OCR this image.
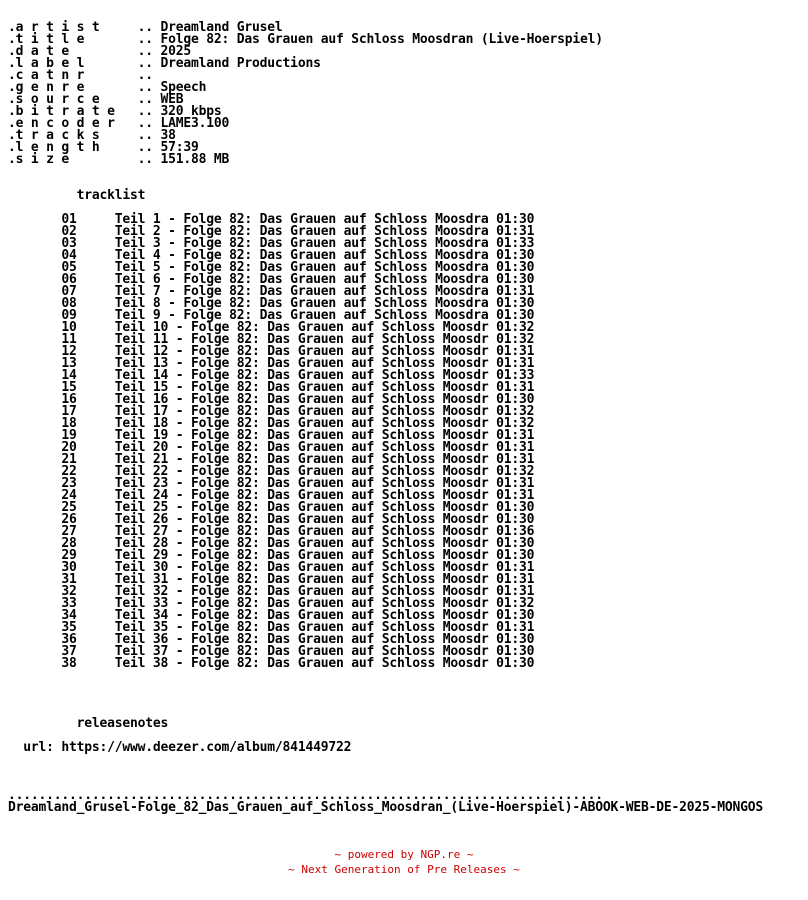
.a r t i s t     .. Dreamland Grusel
.t i t l e       .. Folge 82: Das Grauen auf Schloss Moosdran (Live-Hoerspiel)
.d a t e         .. 2025
.l a b e l       .. Dreamland Productions
.c a t n r       ..
.g e n r e       .. Speech
.s o u r c e     .. WEB
.b i t r a t e   .. 320 kbps
.e n c o d e r   .. LAME3.100
.t r a c k s     .. 38
.l e n g t h     .. 57:39
.s i z e         .. 151.88 MB
tracklist
01     Teil 1 - Folge 82: Das Grauen auf Schloss Moosdra 01:30
02     Teil 2 - Folge 82: Das Grauen auf Schloss Moosdra 01:31
03     Teil 3 - Folge 82: Das Grauen auf Schloss Moosdra 01:33
04     Teil 4 - Folge 82: Das Grauen auf Schloss Moosdra 01:30
05     Teil 5 - Folge 82: Das Grauen auf Schloss Moosdra 01:30
06     Teil 6 - Folge 82: Das Grauen auf Schloss Moosdra 01:30
07     Teil 7 - Folge 82: Das Grauen auf Schloss Moosdra 01:31
08     Teil 8 - Folge 82: Das Grauen auf Schloss Moosdra 01:30
09     Teil 9 - Folge 82: Das Grauen auf Schloss Moosdra 01:30
10     Teil 10 - Folge 82: Das Grauen auf Schloss Moosdr 01:32
11     Teil 11 - Folge 82: Das Grauen auf Schloss Moosdr 01:32
12     Teil 12 - Folge 82: Das Grauen auf Schloss Moosdr 01:31
13     Teil 13 - Folge 82: Das Grauen auf Schloss Moosdr 01:31
14     Teil 14 - Folge 82: Das Grauen auf Schloss Moosdr 01:33
15     Teil 15 - Folge 82: Das Grauen auf Schloss Moosdr 01:31
16     Teil 16 - Folge 82: Das Grauen auf Schloss Moosdr 01:30
17     Teil 17 - Folge 82: Das Grauen auf Schloss Moosdr 01:32
18     Teil 18 - Folge 82: Das Grauen auf Schloss Moosdr 01:32
19     Teil 19 - Folge 82: Das Grauen auf Schloss Moosdr 01:31
20     Teil 20 - Folge 82: Das Grauen auf Schloss Moosdr 01:31
21     Teil 21 - Folge 82: Das Grauen auf Schloss Moosdr 01:31
22     Teil 22 - Folge 82: Das Grauen auf Schloss Moosdr 01:32
23     Teil 23 - Folge 82: Das Grauen auf Schloss Moosdr 01:31
24     Teil 24 - Folge 82: Das Grauen auf Schloss Moosdr 01:31
25     Teil 25 - Folge 82: Das Grauen auf Schloss Moosdr 01:30
26     Teil 26 - Folge 82: Das Grauen auf Schloss Moosdr 01:30
27     Teil 27 - Folge 82: Das Grauen auf Schloss Moosdr 01:36
28     Teil 28 - Folge 82: Das Grauen auf Schloss Moosdr 01:30
29     Teil 29 - Folge 82: Das Grauen auf Schloss Moosdr 01:30
30     Teil 30 - Folge 82: Das Grauen auf Schloss Moosdr 01:31
31     Teil 31 - Folge 82: Das Grauen auf Schloss Moosdr 01:31
32     Teil 32 - Folge 82: Das Grauen auf Schloss Moosdr 01:31
33     Teil 33 - Folge 82: Das Grauen auf Schloss Moosdr 01:32
34     Teil 34 - Folge 82: Das Grauen auf Schloss Moosdr 01:30
35     Teil 35 - Folge 82: Das Grauen auf Schloss Moosdr 01:31
36     Teil 36 - Folge 82: Das Grauen auf Schloss Moosdr 01:30
37     Teil 37 - Folge 82: Das Grauen auf Schloss Moosdr 01:30
38     Teil 38 - Folge 82: Das Grauen auf Schloss Moosdr 01:30
releasenotes
url: https://www.deezer.com/album/841449722
..............................................................................
Dreamland_Grusel-Folge_82_Das_Grauen_auf_Schloss_Moosdran_(Live-Hoerspiel)-ABOOK-WEB-DE-2025-MONGOS
~ powered by NGP.re ~
~ Next Generation of Pre Releases ~
